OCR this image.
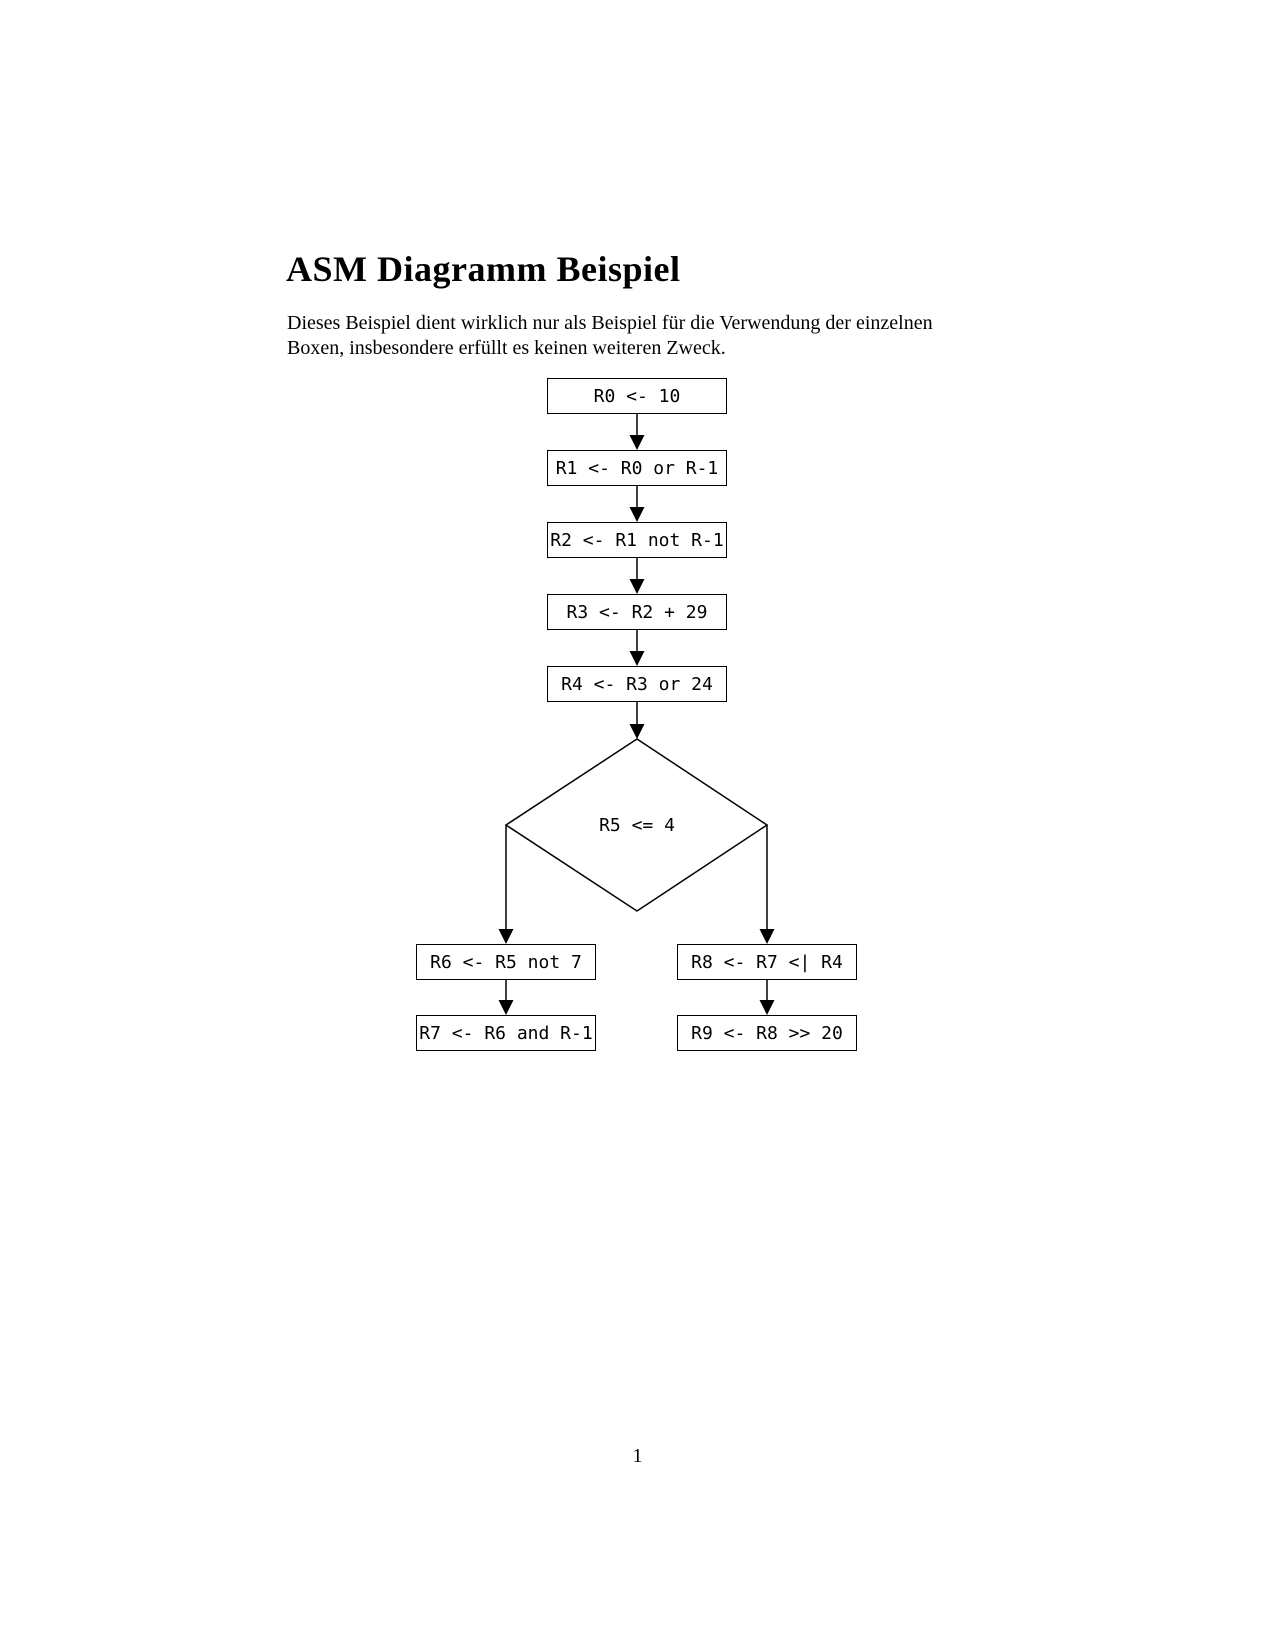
ASM Diagramm Beispiel
Dieses Beispiel dient wirklich nur als Beispiel für die Verwendung der einzelnen
Boxen, insbesondere erfüllt es keinen weiteren Zweck.
R0 <- 10
R1 <- R0 or R-1
R2 <- R1 not R-1
R3 <- R2 + 29
R4 <- R3 or 24
R5 <= 4
R6 <- R5 not 7
R7 <- R6 and R-1
R8 <- R7 <| R4
R9 <- R8 >> 20
1
